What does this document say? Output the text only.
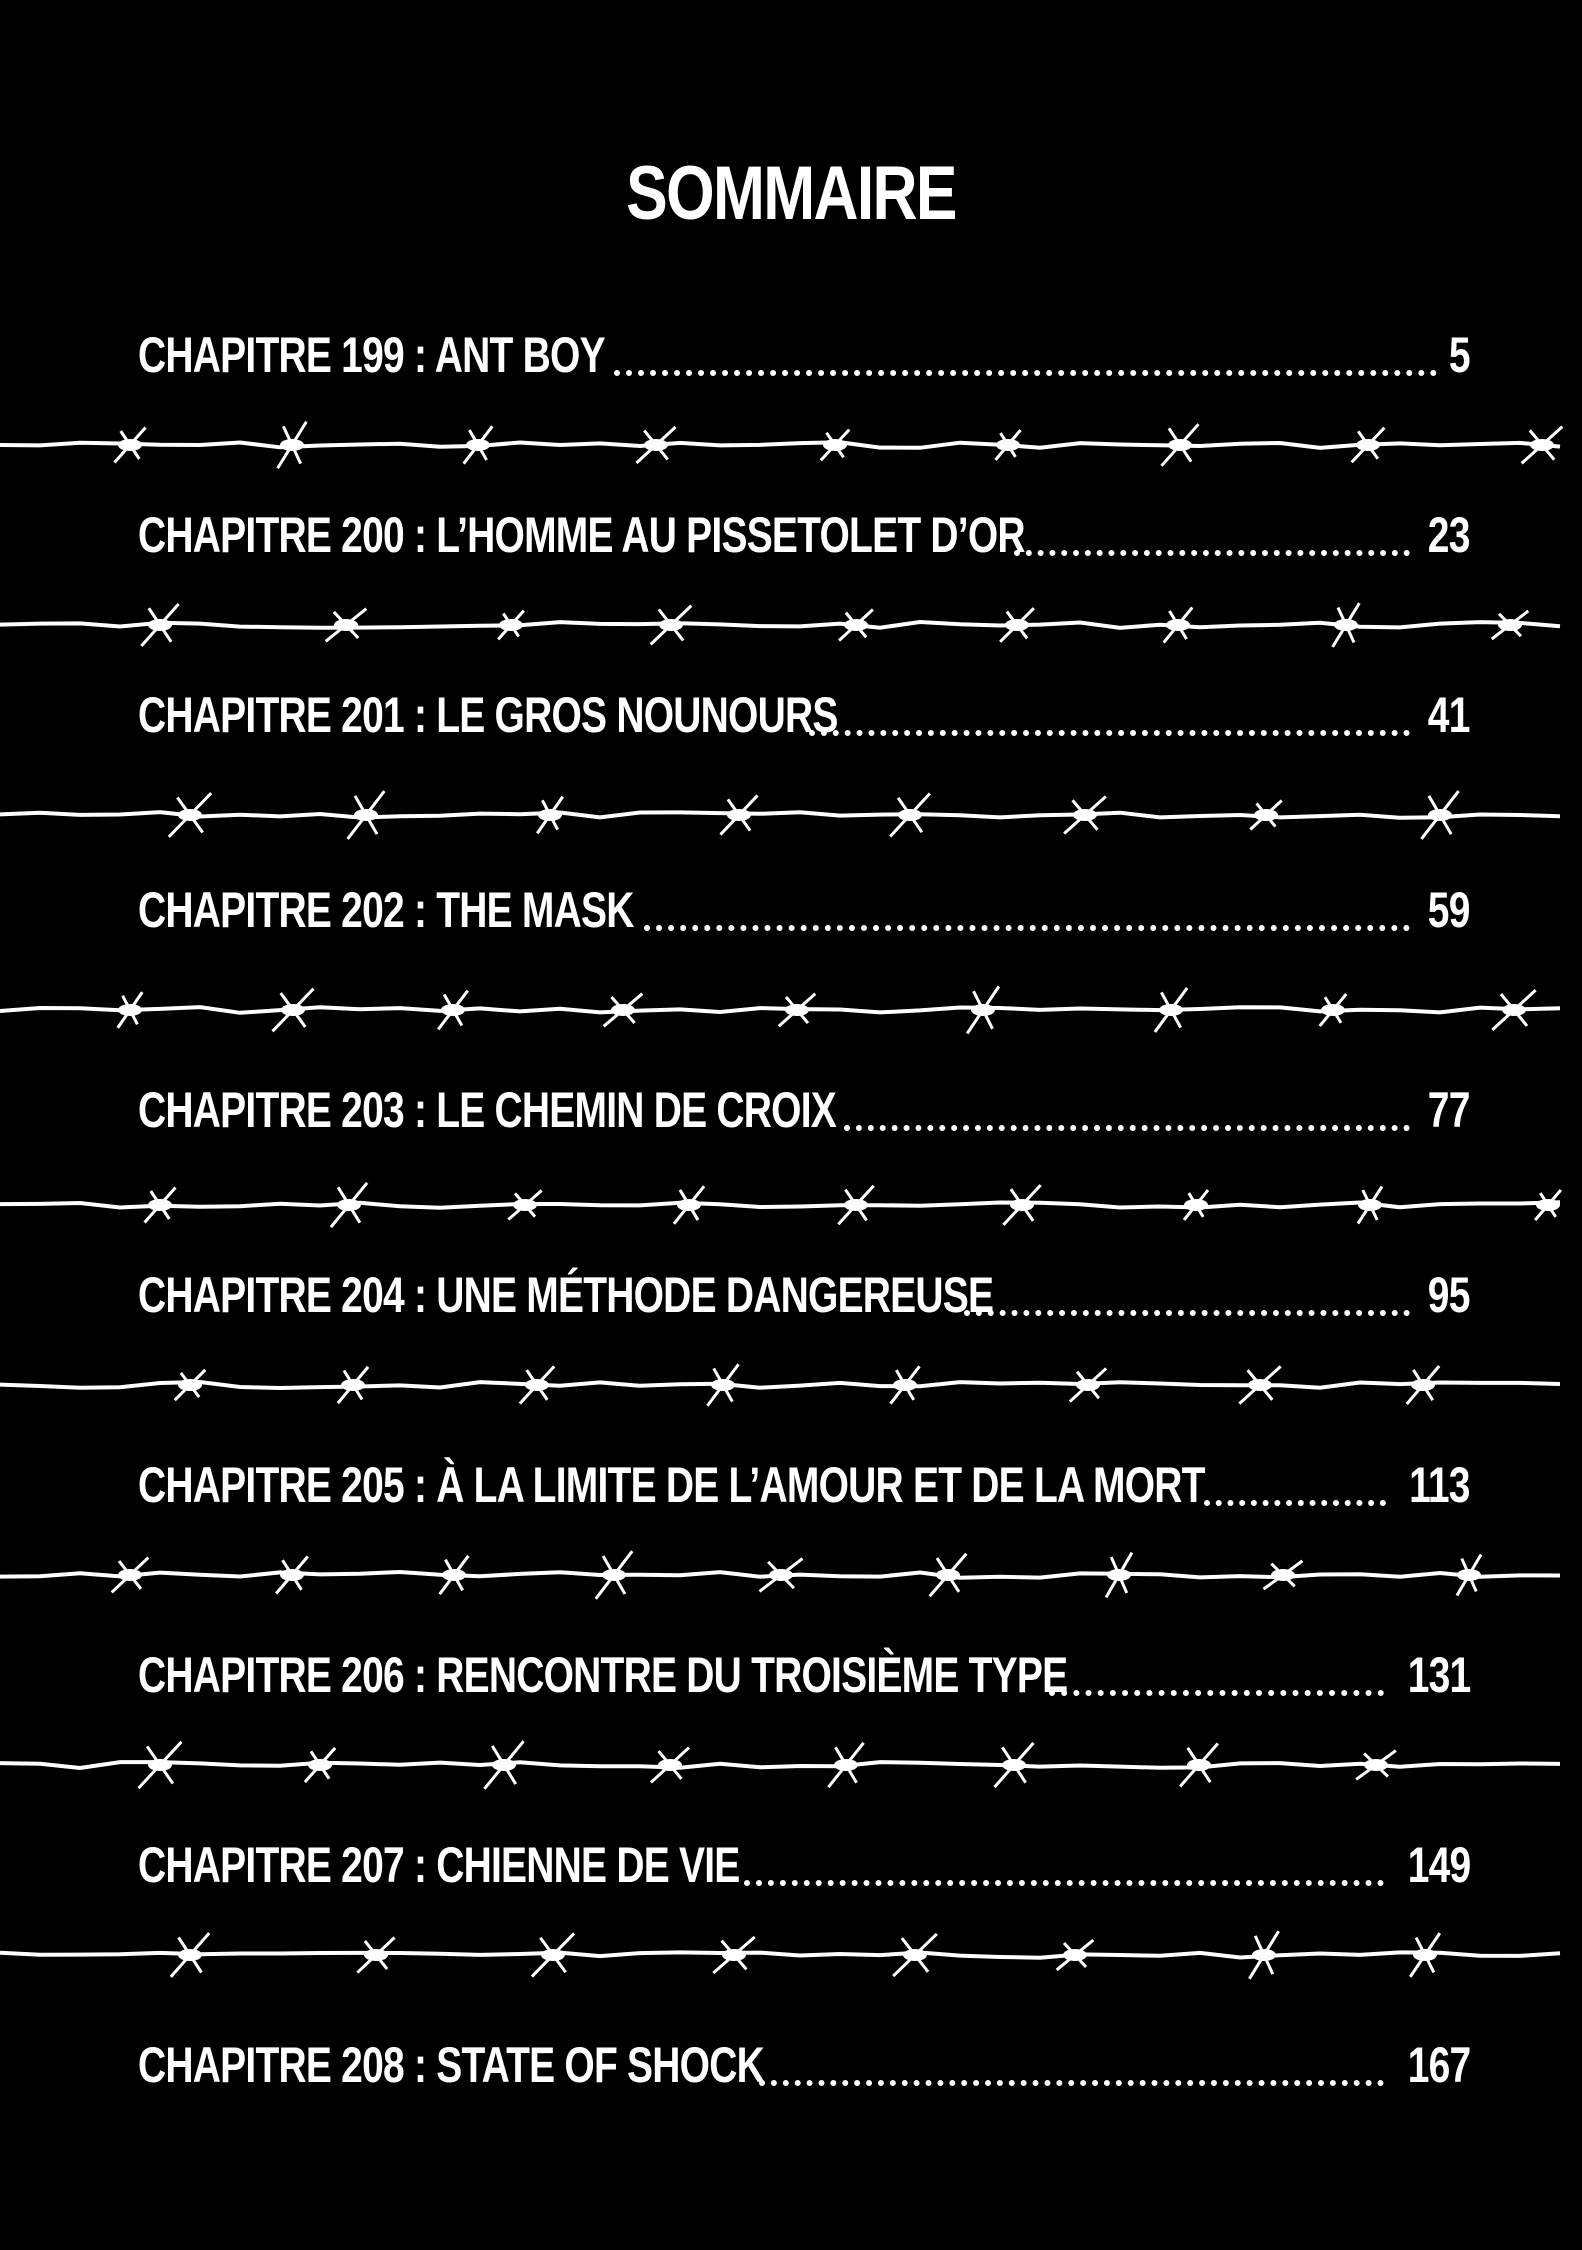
SOMMAIRE
CHAPITRE 199 : ANT BOY	5
CHAPITRE 200 : L’HOMME AU PISSETOLET D’OR	23
CHAPITRE 201 : LE GROS NOUNOURS	41
CHAPITRE 202 : THE MASK	59
CHAPITRE 203 : LE CHEMIN DE CROIX	77
CHAPITRE 204 : UNE MÉTHODE DANGEREUSE	95
CHAPITRE 205 : À LA LIMITE DE L’AMOUR ET DE LA MORT	113
CHAPITRE 206 : RENCONTRE DU TROISIÈME TYPE	131
CHAPITRE 207 : CHIENNE DE VIE	149
CHAPITRE 208 : STATE OF SHOCK	167
